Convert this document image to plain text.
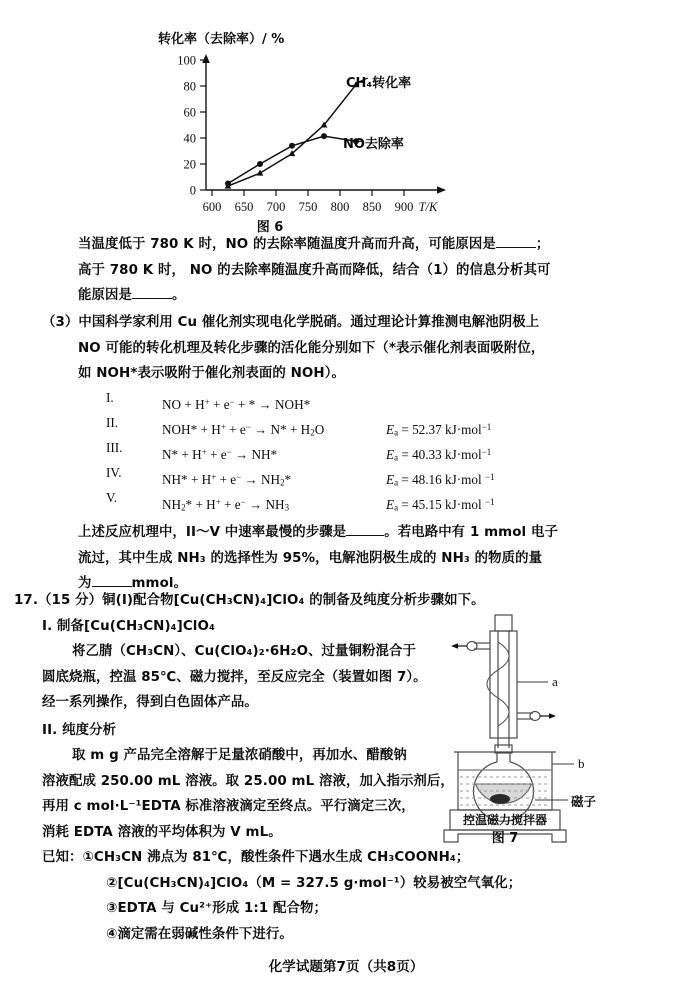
转化率（去除率）/ %
0
20
40
60
80
100
600 650 700 750 800 850 900 T/K
CH₄转化率
NO去除率
图 6
当温度低于 780 K 时，NO 的去除率随温度升高而升高，可能原因是	；
高于 780 K 时， NO 的去除率随温度升高而降低，结合（1）的信息分析其可
能原因是	。
（3）中国科学家利用 Cu 催化剂实现电化学脱硝。通过理论计算推测电解池阴极上
NO 可能的转化机理及转化步骤的活化能分别如下（*表示催化剂表面吸附位，
如 NOH*表示吸附于催化剂表面的 NOH）。
I.	NO + H+ + e− + * → NOH*
II.	$NOH* + H^+ + e^- \to N* + H_2O$	$E_a = 52.37$ kJ·mol$^{-1}$
III.	N* + H+ + e− → NH*	$E_a = 40.33$ kJ·mol$^{-1}$
IV.	$NH* + H^+ + e^- \to NH_2*$	$E_a = 48.16$ kJ·mol $^{-1}$
V.	$NH_2* + H^+ + e^- \to NH_3$	$E_a = 45.15$ kJ·mol $^{-1}$
上述反应机理中，II～V 中速率最慢的步骤是	。若电路中有 1 mmol 电子
流过，其中生成 NH₃ 的选择性为 95%，电解池阴极生成的 NH₃ 的物质的量
为	mmol。
17.（15 分）铜(I)配合物[Cu(CH₃CN)₄]ClO₄ 的制备及纯度分析步骤如下。
I. 制备[Cu(CH₃CN)₄]ClO₄
将乙腈（CH₃CN）、Cu(ClO₄)₂·6H₂O、过量铜粉混合于
圆底烧瓶，控温 85℃、磁力搅拌，至反应完全（装置如图 7）。
经一系列操作，得到白色固体产品。
II. 纯度分析
取 m g 产品完全溶解于足量浓硝酸中，再加水、醋酸钠
溶液配成 250.00 mL 溶液。取 25.00 mL 溶液，加入指示剂后，
再用 c mol·L⁻¹EDTA 标准溶液滴定至终点。平行滴定三次，
消耗 EDTA 溶液的平均体积为 V mL。
已知：①CH₃CN 沸点为 81℃，酸性条件下遇水生成 CH₃COONH₄；
②[Cu(CH₃CN)₄]ClO₄（M = 327.5 g·mol⁻¹）较易被空气氧化；
③EDTA 与 Cu²⁺形成 1:1 配合物；
④滴定需在弱碱性条件下进行。
a
b
磁子
控温磁力搅拌器
图 7
化学试题第7页（共8页）
